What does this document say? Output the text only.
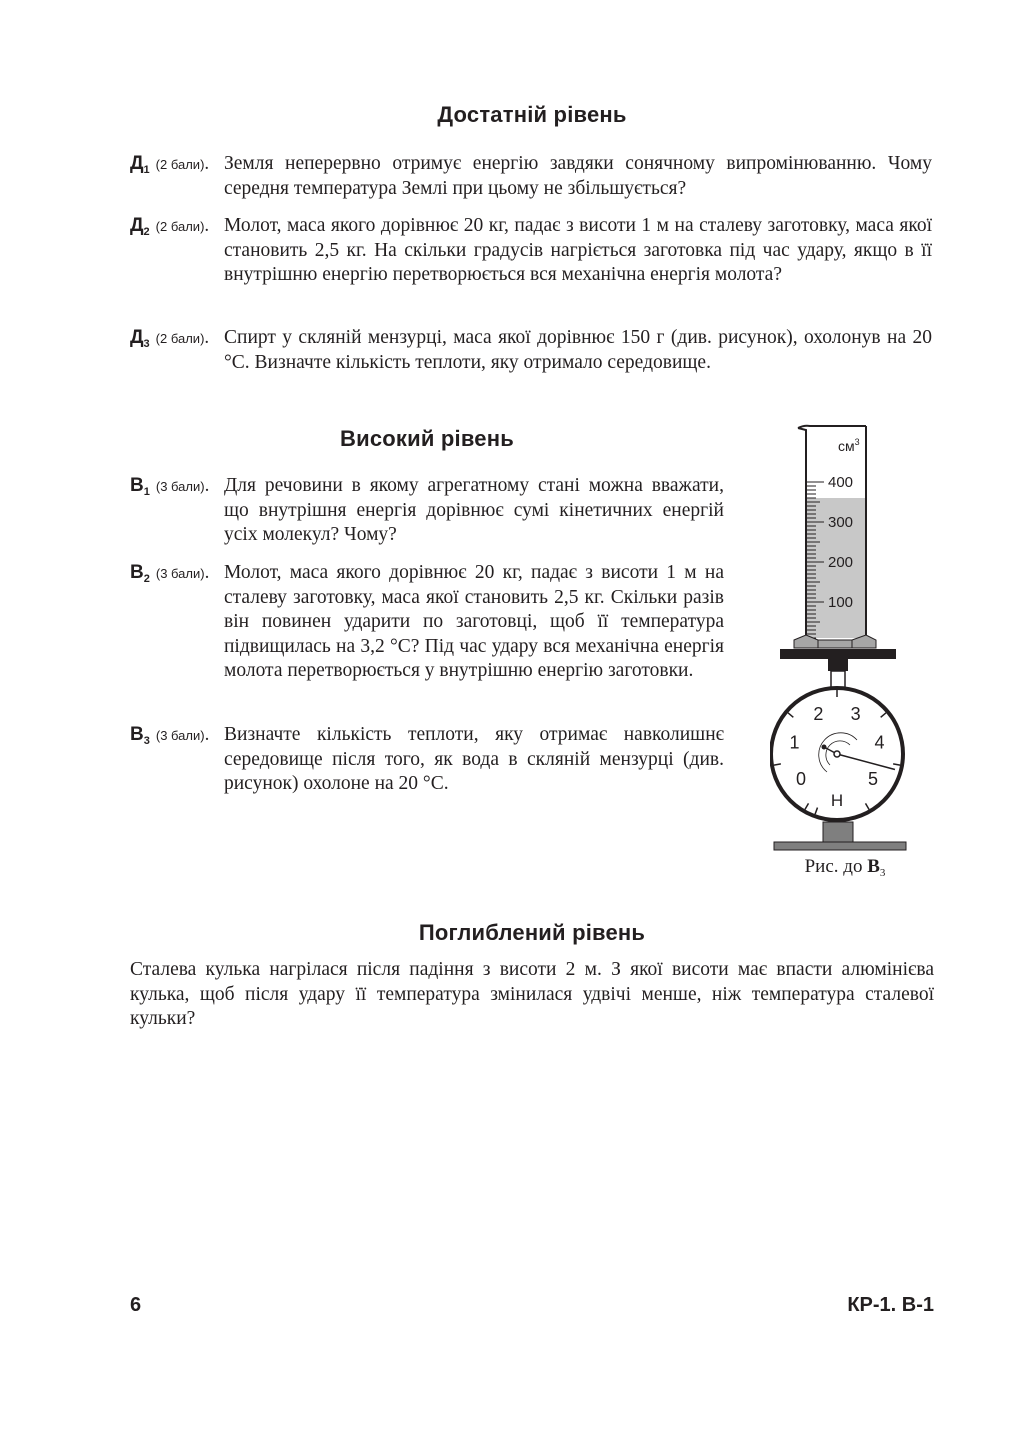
Достатній рівень
$Д_1$ (2 бали). Земля неперервно отримує енергію завдяки сонячному випромінюванню. Чому середня температура Землі при цьому не збільшується?
$Д_2$ (2 бали). Молот, маса якого дорівнює 20 кг, падає з висоти 1 м на сталеву заготовку, маса якої становить 2,5 кг. На скільки градусів нагріється заготовка під час удару, якщо в її внутрішню енергію перетворюється вся механічна енергія молота?
$Д_3$ (2 бали). Спирт у скляній мензурці, маса якої дорівнює 150 г (див. рисунок), охолонув на 20 °С. Визначте кількість теплоти, яку отримало середовище.
Високий рівень
$В_1$ (3 бали). Для речовини в якому агрегатному стані можна вважати, що внутрішня енергія дорівнює сумі кінетичних енергій усіх молекул? Чому?
$В_2$ (3 бали). Молот, маса якого дорівнює 20 кг, падає з висоти 1 м на сталеву заготовку, маса якої становить 2,5 кг. Скільки разів він повинен ударити по заготовці, щоб її температура підвищилась на 3,2 °С? Під час удару вся механічна енергія молота перетворюється у внутрішню енергію заготовки.
$В_3$ (3 бали). Визначте кількість теплоти, яку отримає навколишнє середовище після того, як вода в скляній мензурці (див. рисунок) охолоне на 20 °С.
400
300
200
100
$см^3$
0
1
2 3
4
5
Н
Рис. до $В_3$
Поглиблений рівень
Сталева кулька нагрілася після падіння з висоти 2 м. З якої висоти має впасти алюмінієва кулька, щоб після удару її температура змінилася удвічі менше, ніж температура сталевої кульки?
6	КР-1. В-1
